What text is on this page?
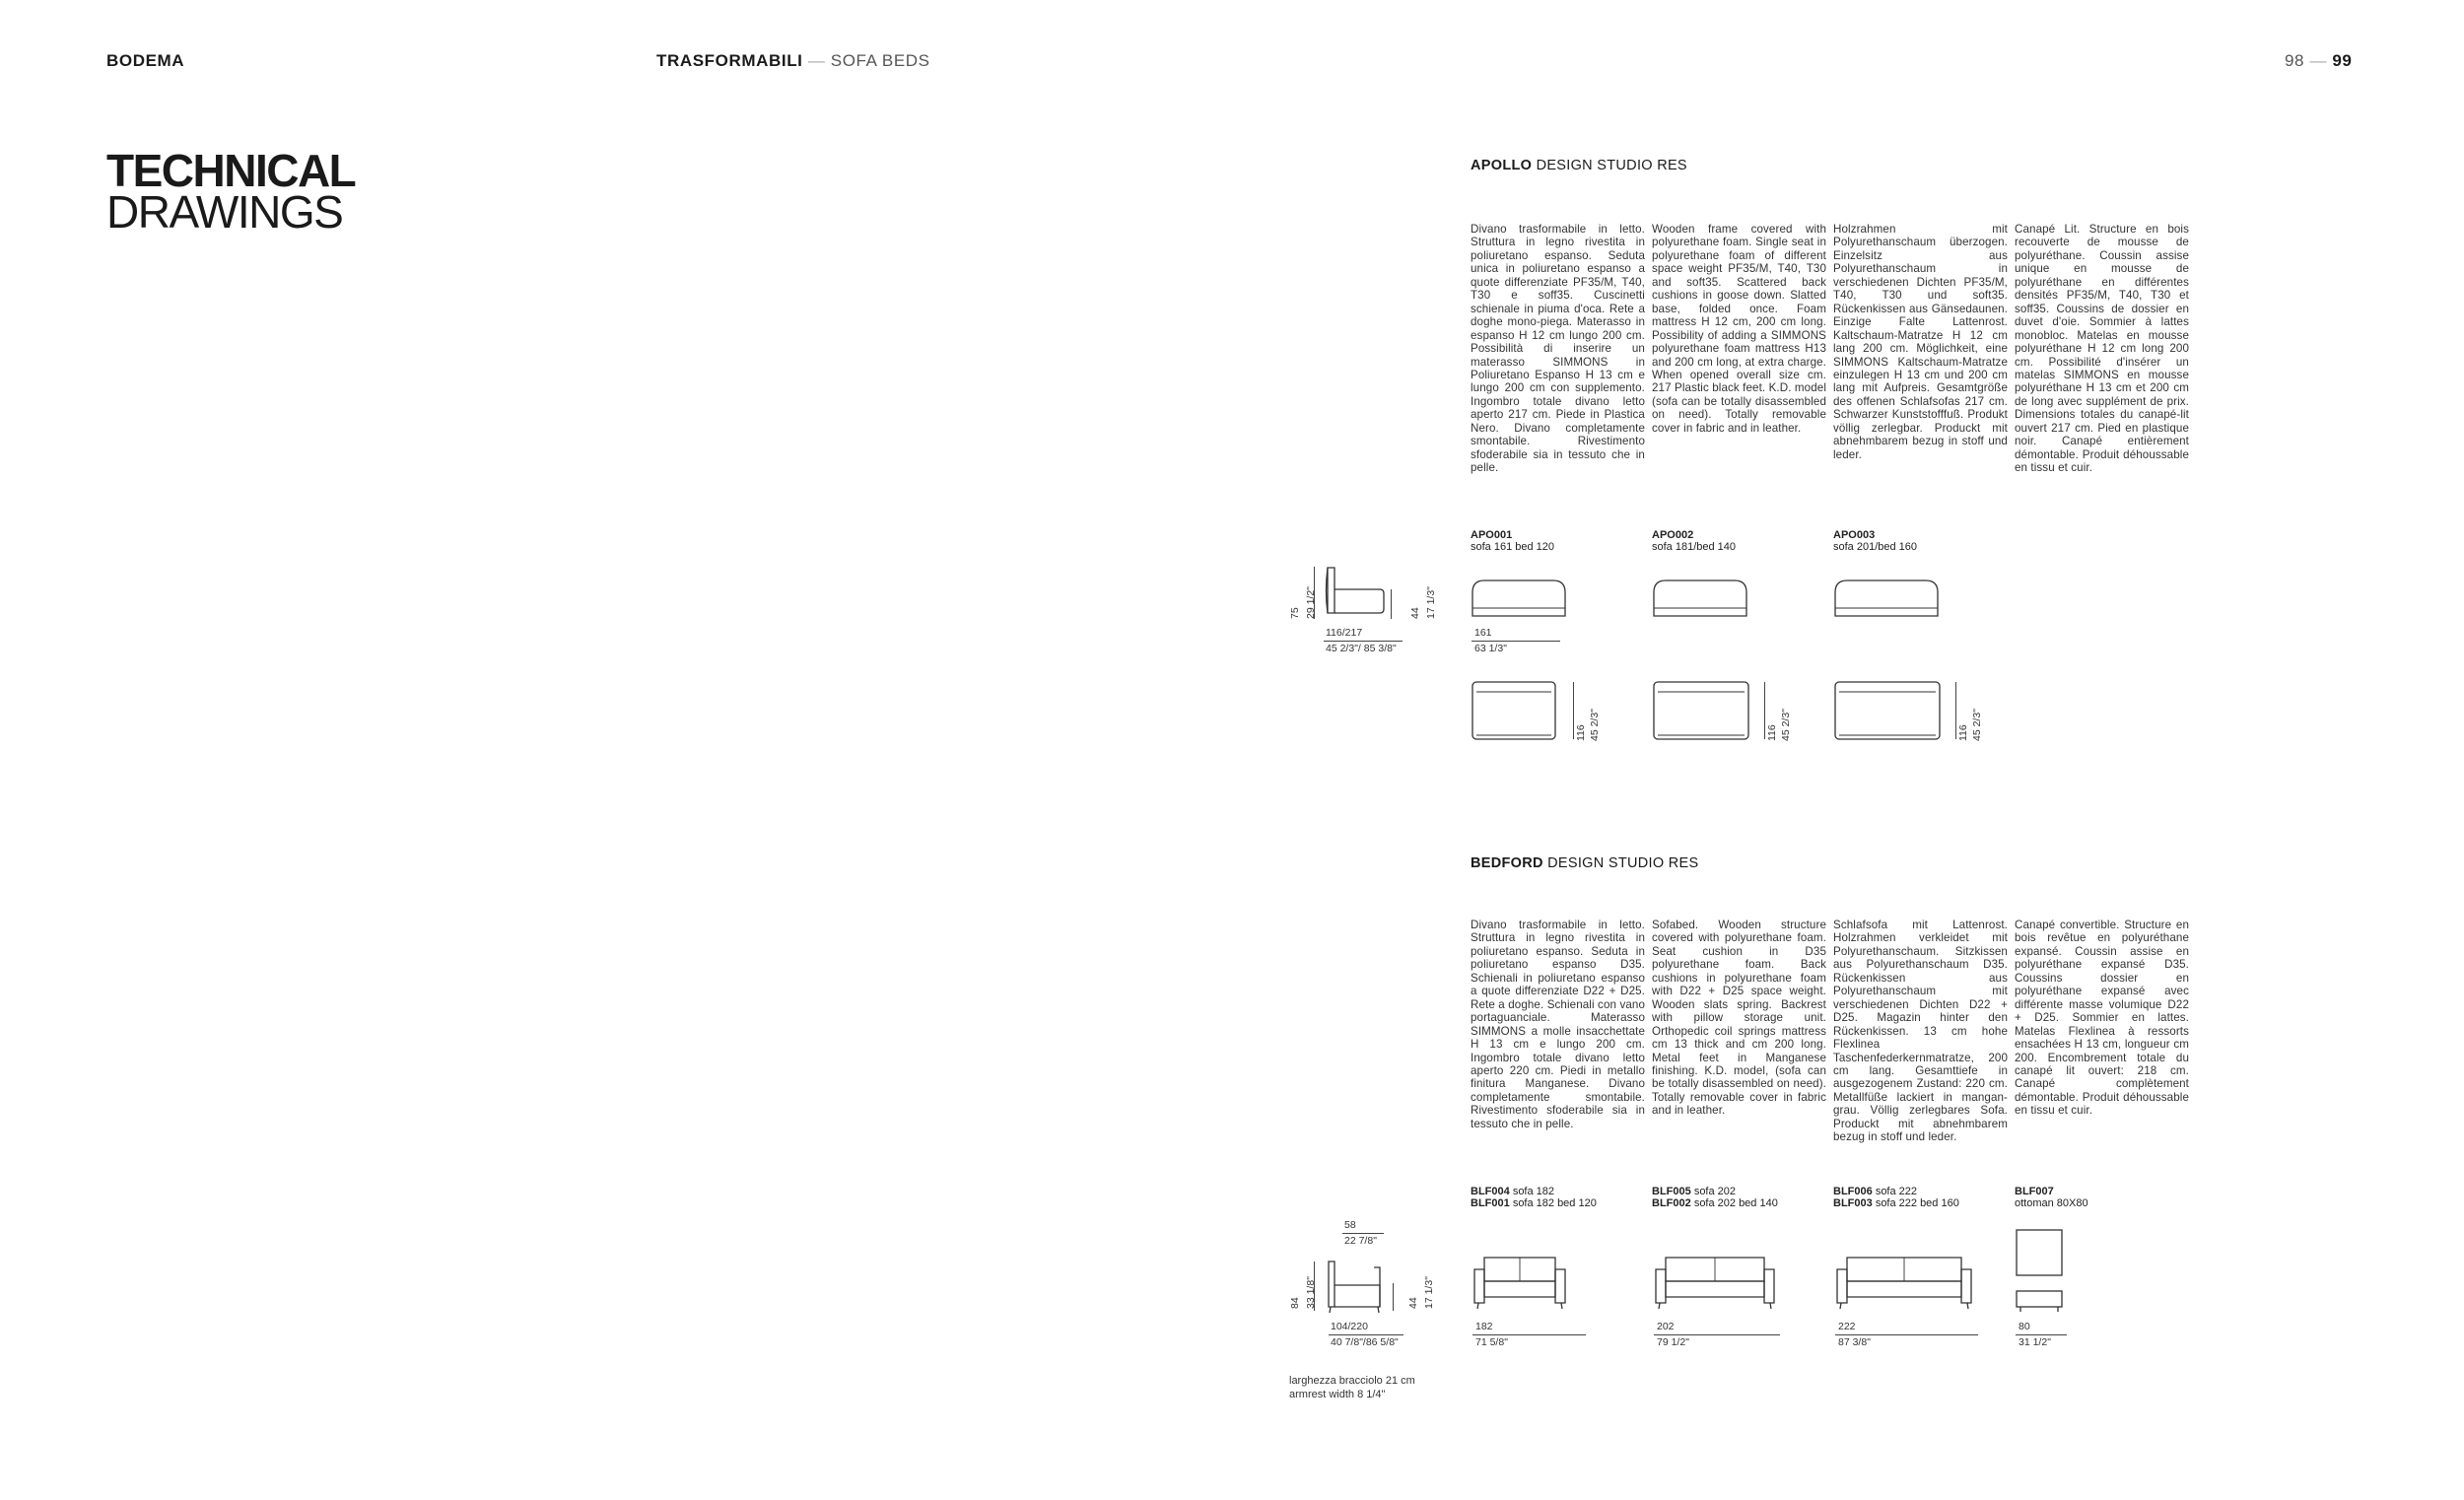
BODEMA	TRASFORMABILI — SOFA BEDS	98 — 99
TECHNICAL
DRAWINGS
APOLLO DESIGN STUDIO RES
Divano trasformabile in letto. Struttura in legno rivestita in poliuretano espanso. Seduta unica in poliuretano espanso a quote differenziate PF35/M, T40, T30 e soff35. Cuscinetti schienale in piuma d'oca. Rete a doghe mono-piega. Materasso in espanso H 12 cm lungo 200 cm. Possibilità di inserire un materasso SIMMONS in Poliuretano Espanso H 13 cm e lungo 200 cm con supplemento. Ingombro totale divano letto aperto 217 cm. Piede in Plastica Nero. Divano completamente smontabile. Rivestimento sfoderabile sia in tessuto che in pelle.
Wooden frame covered with polyurethane foam. Single seat in polyurethane foam of different space weight PF35/M, T40, T30 and soft35. Scattered back cushions in goose down. Slatted base, folded once. Foam mattress H 12 cm, 200 cm long. Possibility of adding a SIMMONS polyurethane foam mattress H13 and 200 cm long, at extra charge. When opened overall size cm. 217 Plastic black feet. K.D. model (sofa can be totally disassembled on need). Totally removable cover in fabric and in leather.
Holzrahmen mit Polyurethanschaum überzogen. Einzelsitz aus Polyurethanschaum in verschiedenen Dichten PF35/M, T40, T30 und soft35. Rückenkissen aus Gänsedaunen. Einzige Falte Lattenrost. Kaltschaum-Matratze H 12 cm lang 200 cm. Möglichkeit, eine SIMMONS Kaltschaum-Matratze einzulegen H 13 cm und 200 cm lang mit Aufpreis. Gesamtgröße des offenen Schlafsofas 217 cm. Schwarzer Kunststofffuß. Produkt völlig zerlegbar. Produckt mit abnehmbarem bezug in stoff und leder.
Canapé Lit. Structure en bois recouverte de mousse de polyuréthane. Coussin assise unique en mousse de polyuréthane en différentes densités PF35/M, T40, T30 et soff35. Coussins de dossier en duvet d'oie. Sommier à lattes monobloc. Matelas en mousse polyuréthane H 12 cm long 200 cm. Possibilité d'insérer un matelas SIMMONS en mousse polyuréthane H 13 cm et 200 cm de long avec supplément de prix. Dimensions totales du canapé-lit ouvert 217 cm. Pied en plastique noir. Canapé entièrement démontable. Produit déhoussable en tissu et cuir.
75 29 1/2"	44 17 1/3"
116/217
45 2/3"/ 85 3/8"
APO001
sofa 161 bed 120
APO002
sofa 181/bed 140
APO003
sofa 201/bed 160
161
63 1/3"
116 45 2/3"	116 45 2/3"	116 45 2/3"
BEDFORD DESIGN STUDIO RES
Divano trasformabile in letto. Struttura in legno rivestita in poliuretano espanso. Seduta in poliuretano espanso D35. Schienali in poliuretano espanso a quote differenziate D22 + D25. Rete a doghe. Schienali con vano portaguanciale. Materasso SIMMONS a molle insacchettate H 13 cm e lungo 200 cm. Ingombro totale divano letto aperto 220 cm. Piedi in metallo finitura Manganese. Divano completamente smontabile. Rivestimento sfoderabile sia in tessuto che in pelle.
Sofabed. Wooden structure covered with polyurethane foam. Seat cushion in D35 polyurethane foam. Back cushions in polyurethane foam with D22 + D25 space weight. Wooden slats spring. Backrest with pillow storage unit. Orthopedic coil springs mattress cm 13 thick and cm 200 long. Metal feet in Manganese finishing. K.D. model, (sofa can be totally disassembled on need). Totally removable cover in fabric and in leather.
Schlafsofa mit Lattenrost. Holzrahmen verkleidet mit Polyurethanschaum. Sitzkissen aus Polyurethanschaum D35. Rückenkissen aus Polyurethanschaum mit verschiedenen Dichten D22 + D25. Magazin hinter den Rückenkissen. 13 cm hohe Flexlinea Taschenfederkernmatratze, 200 cm lang. Gesamttiefe in ausgezogenem Zustand: 220 cm. Metallfüße lackiert in mangan-grau. Völlig zerlegbares Sofa. Produckt mit abnehmbarem bezug in stoff und leder.
Canapé convertible. Structure en bois revêtue en polyuréthane expansé. Coussin assise en polyuréthane expansé D35. Coussins dossier en polyuréthane expansé avec différente masse volumique D22 + D25. Sommier en lattes. Matelas Flexlinea à ressorts ensachées H 13 cm, longueur cm 200. Encombrement totale du canapé lit ouvert: 218 cm. Canapé complètement démontable. Produit déhoussable en tissu et cuir.
58
22 7/8"
84 33 1/8"	44 17 1/3"
104/220
40 7/8"/86 5/8"
larghezza bracciolo 21 cm
armrest width 8 1/4"
BLF004 sofa 182
BLF001 sofa 182 bed 120
BLF005 sofa 202
BLF002 sofa 202 bed 140
BLF006 sofa 222
BLF003 sofa 222 bed 160
BLF007
ottoman 80X80
182
71 5/8"
202
79 1/2"
222
87 3/8"
80
31 1/2"
